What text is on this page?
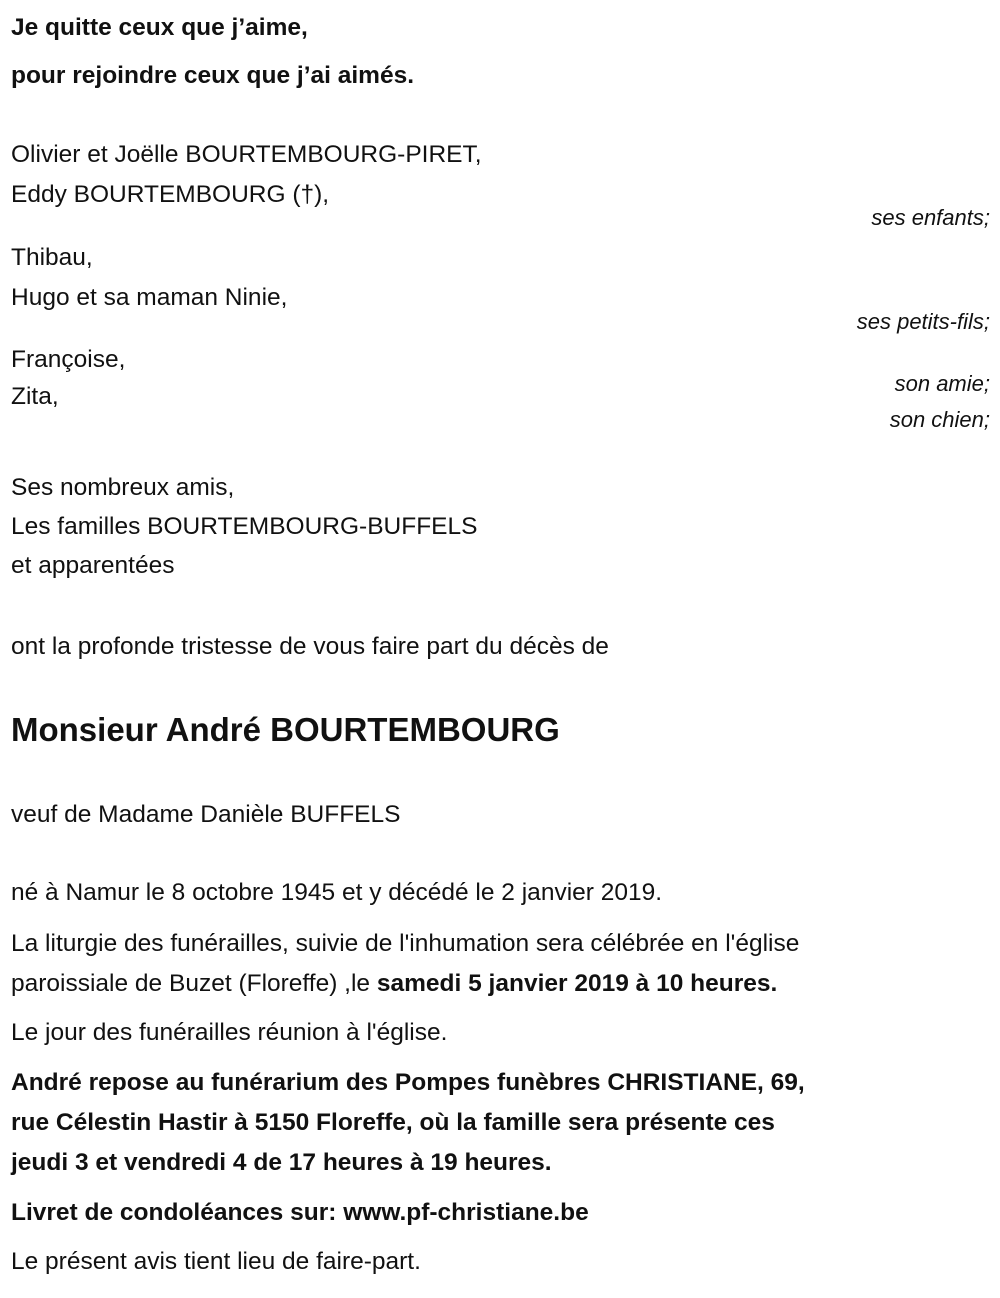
Je quitte ceux que j’aime,
pour rejoindre ceux que j’ai aimés.
Olivier et Joëlle BOURTEMBOURG-PIRET,
Eddy BOURTEMBOURG (†),
ses enfants;
Thibau,
Hugo et sa maman Ninie,
ses petits-fils;
Françoise,
son amie;
Zita,
son chien;
Ses nombreux amis,
Les familles BOURTEMBOURG-BUFFELS
et apparentées
ont la profonde tristesse de vous faire part du décès de
Monsieur André BOURTEMBOURG
veuf de Madame Danièle BUFFELS
né à Namur le 8 octobre 1945 et y décédé le 2 janvier 2019.
La liturgie des funérailles, suivie de l'inhumation sera célébrée en l'église
paroissiale de Buzet (Floreffe) ,le samedi 5 janvier 2019 à 10 heures.
Le jour des funérailles réunion à l'église.
André repose au funérarium des Pompes funèbres CHRISTIANE, 69,
rue Célestin Hastir à 5150 Floreffe, où la famille sera présente ces
jeudi 3 et vendredi 4 de 17 heures à 19 heures.
Livret de condoléances sur: www.pf-christiane.be
Le présent avis tient lieu de faire-part.
